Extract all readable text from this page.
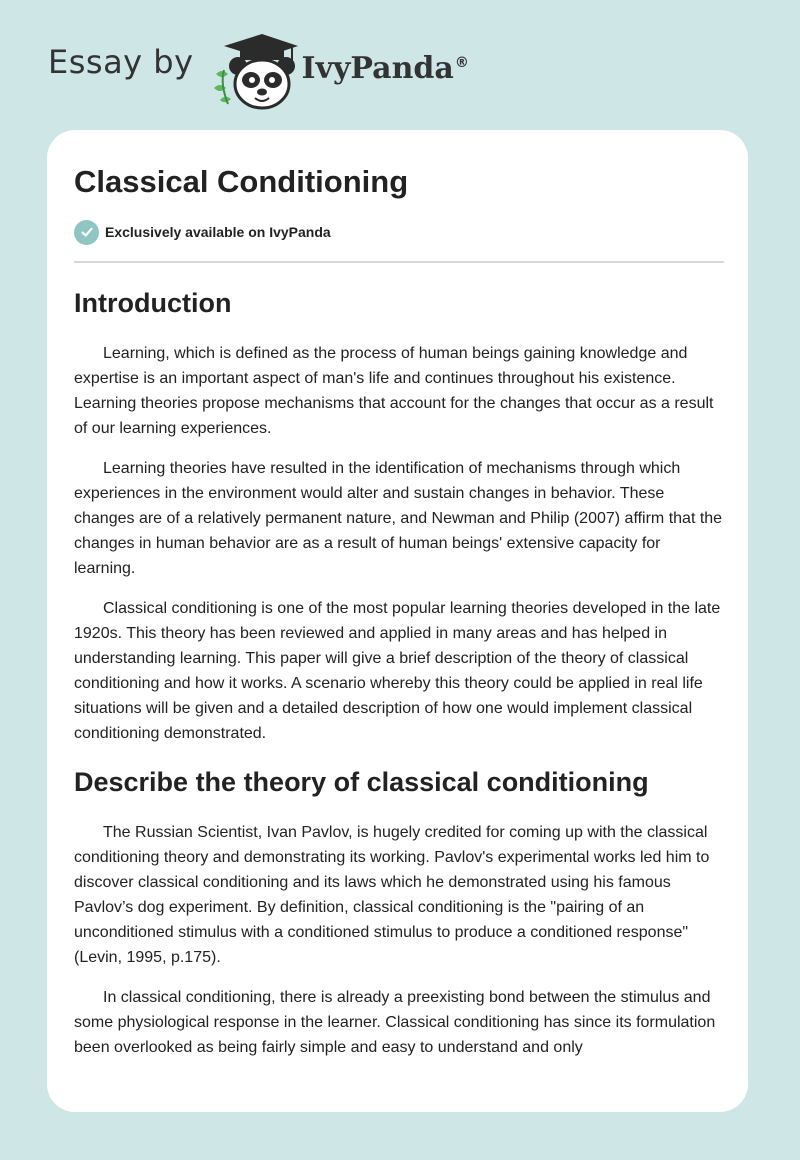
Essay by	IvyPanda®
Classical Conditioning
Exclusively available on IvyPanda
Introduction

Learning, which is defined as the process of human beings gaining knowledge and expertise is an important aspect of man's life and continues throughout his existence. Learning theories propose mechanisms that account for the changes that occur as a result of our learning experiences.

Learning theories have resulted in the identification of mechanisms through which experiences in the environment would alter and sustain changes in behavior. These changes are of a relatively permanent nature, and Newman and Philip (2007) affirm that the changes in human behavior are as a result of human beings' extensive capacity for learning.

Classical conditioning is one of the most popular learning theories developed in the late 1920s. This theory has been reviewed and applied in many areas and has helped in understanding learning. This paper will give a brief description of the theory of classical conditioning and how it works. A scenario whereby this theory could be applied in real life situations will be given and a detailed description of how one would implement classical conditioning demonstrated.

Describe the theory of classical conditioning

The Russian Scientist, Ivan Pavlov, is hugely credited for coming up with the classical conditioning theory and demonstrating its working. Pavlov's experimental works led him to discover classical conditioning and its laws which he demonstrated using his famous Pavlov’s dog experiment. By definition, classical conditioning is the "pairing of an unconditioned stimulus with a conditioned stimulus to produce a conditioned response" (Levin, 1995, p.175).

In classical conditioning, there is already a preexisting bond between the stimulus and some physiological response in the learner. Classical conditioning has since its formulation been overlooked as being fairly simple and easy to understand and only
